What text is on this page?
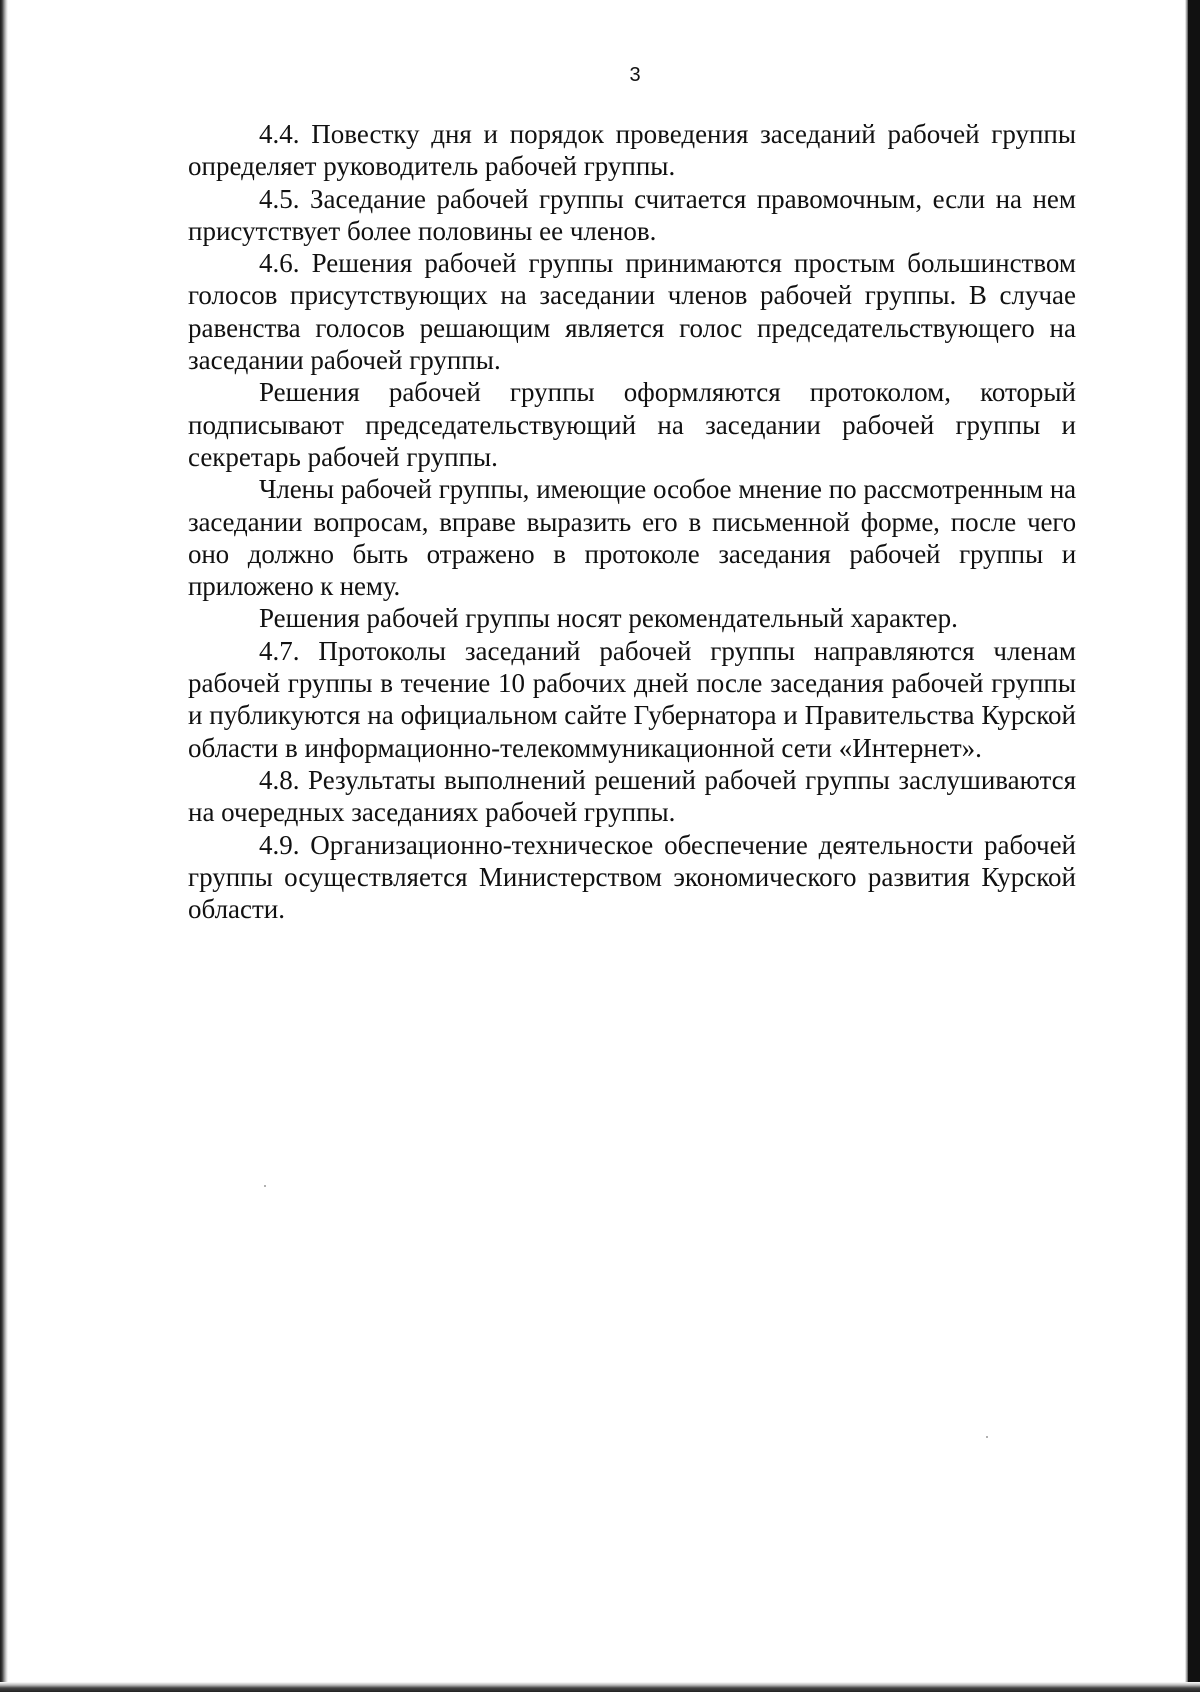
3

4.4. Повестку дня и порядок проведения заседаний рабочей группы определяет руководитель рабочей группы.

4.5. Заседание рабочей группы считается правомочным, если на нем присутствует более половины ее членов.

4.6. Решения рабочей группы принимаются простым большинством голосов присутствующих на заседании членов рабочей группы. В случае равенства голосов решающим является голос председательствующего на заседании рабочей группы.

Решения рабочей группы оформляются протоколом, который подписывают председательствующий на заседании рабочей группы и секретарь рабочей группы.

Члены рабочей группы, имеющие особое мнение по рассмотренным на заседании вопросам, вправе выразить его в письменной форме, после чего оно должно быть отражено в протоколе заседания рабочей группы и приложено к нему.

Решения рабочей группы носят рекомендательный характер.

4.7. Протоколы заседаний рабочей группы направляются членам рабочей группы в течение 10 рабочих дней после заседания рабочей группы и публикуются на официальном сайте Губернатора и Правительства Курской области в информационно-телекоммуникационной сети «Интернет».

4.8. Результаты выполнений решений рабочей группы заслушиваются на очередных заседаниях рабочей группы.

4.9. Организационно-техническое обеспечение деятельности рабочей группы осуществляется Министерством экономического развития Курской области.
